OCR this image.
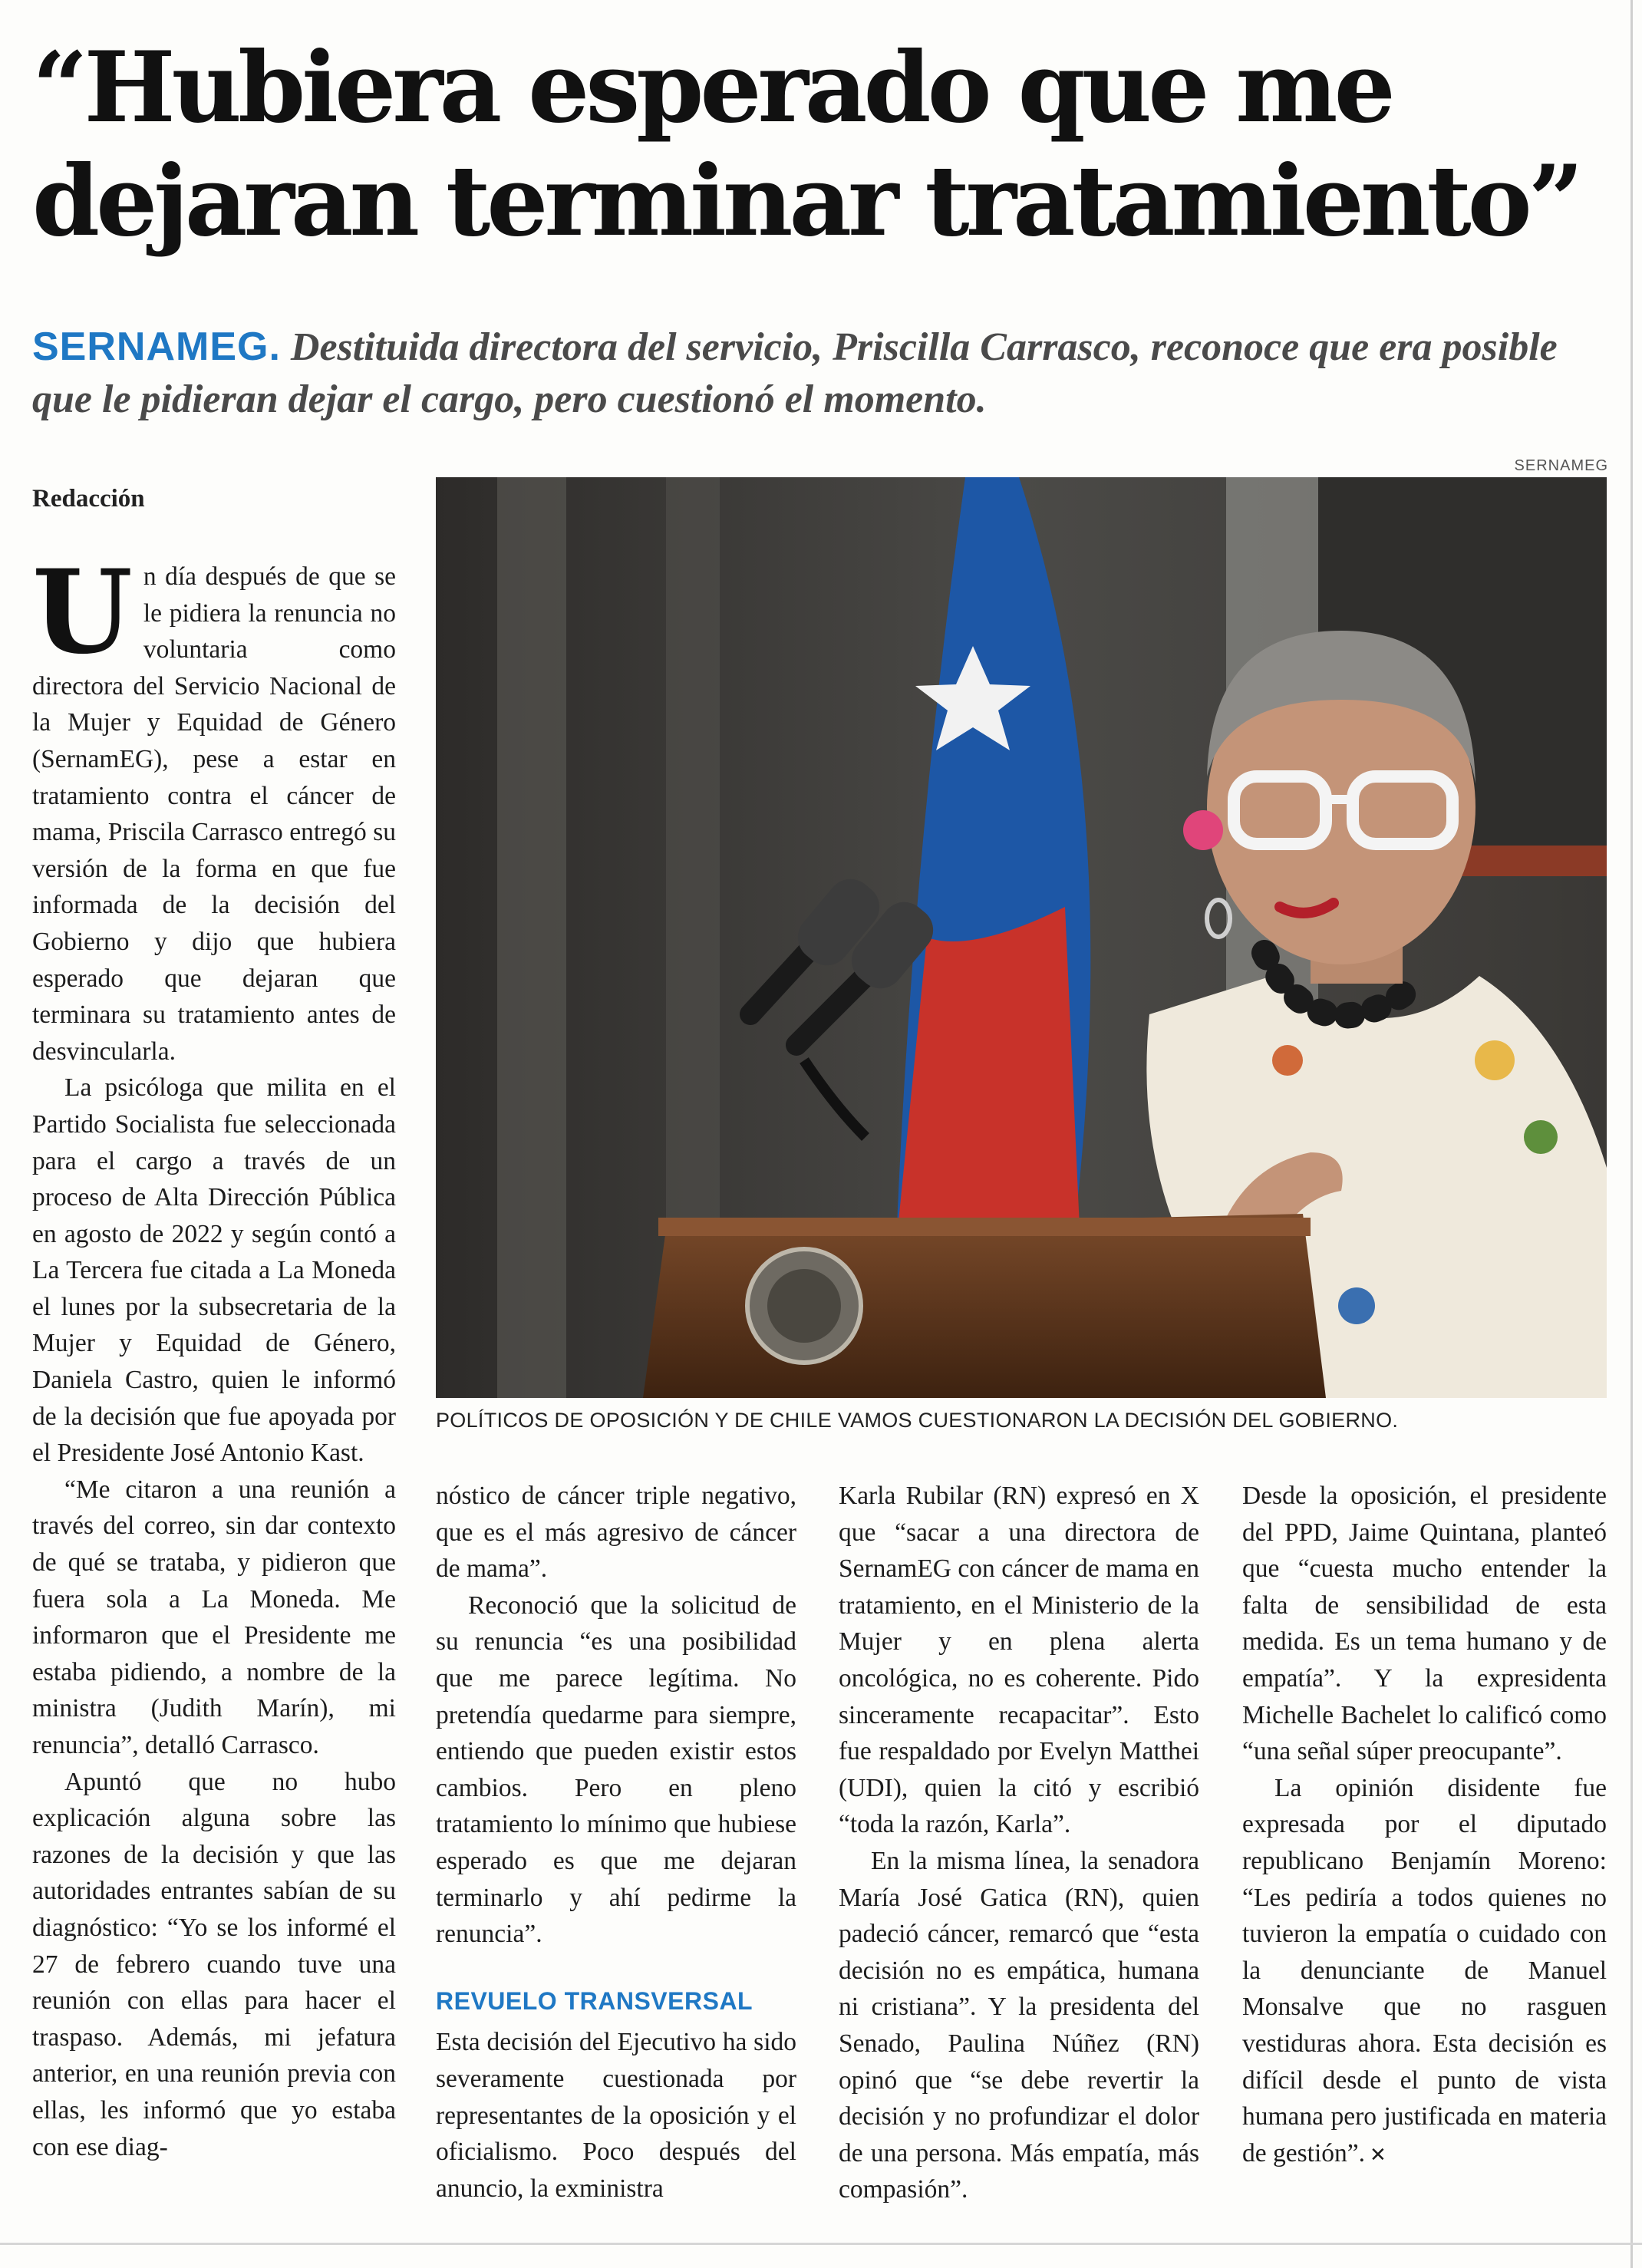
“Hubiera esperado que me
dejaran terminar tratamiento”

SERNAMEG. Destituida directora del servicio, Priscilla Carrasco, reconoce que era posible que le pidieran dejar el cargo, pero cuestionó el momento.

Redacción
SERNAMEG
POLÍTICOS DE OPOSICIÓN Y DE CHILE VAMOS CUESTIONARON LA DECISIÓN DEL GOBIERNO.

Un día después de que se le pidiera la renuncia no voluntaria como directora del Servicio Nacional de la Mujer y Equidad de Género (SernamEG), pese a estar en tratamiento contra el cáncer de mama, Priscila Carrasco entregó su versión de la forma en que fue informada de la decisión del Gobierno y dijo que hubiera esperado que dejaran que terminara su tratamiento antes de desvincularla.

La psicóloga que milita en el Partido Socialista fue seleccionada para el cargo a través de un proceso de Alta Dirección Pública en agosto de 2022 y según contó a La Tercera fue citada a La Moneda el lunes por la subsecretaria de la Mujer y Equidad de Género, Daniela Castro, quien le informó de la decisión que fue apoyada por el Presidente José Antonio Kast.

“Me citaron a una reunión a través del correo, sin dar contexto de qué se trataba, y pidieron que fuera sola a La Moneda. Me informaron que el Presidente me estaba pidiendo, a nombre de la ministra (Judith Marín), mi renuncia”, detalló Carrasco.

Apuntó que no hubo explicación alguna sobre las razones de la decisión y que las autoridades entrantes sabían de su diagnóstico: “Yo se los informé el 27 de febrero cuando tuve una reunión con ellas para hacer el traspaso. Además, mi jefatura anterior, en una reunión previa con ellas, les informó que yo estaba con ese diag-

nóstico de cáncer triple negativo, que es el más agresivo de cáncer de mama”.

Reconoció que la solicitud de su renuncia “es una posibilidad que me parece legítima. No pretendía quedarme para siempre, entiendo que pueden existir estos cambios. Pero en pleno tratamiento lo mínimo que hubiese esperado es que me dejaran terminarlo y ahí pedirme la renuncia”.

REVUELO TRANSVERSAL

Esta decisión del Ejecutivo ha sido severamente cuestionada por representantes de la oposición y el oficialismo. Poco después del anuncio, la exministra

Karla Rubilar (RN) expresó en X que “sacar a una directora de SernamEG con cáncer de mama en tratamiento, en el Ministerio de la Mujer y en plena alerta oncológica, no es coherente. Pido sinceramente recapacitar”. Esto fue respaldado por Evelyn Matthei (UDI), quien la citó y escribió “toda la razón, Karla”.

En la misma línea, la senadora María José Gatica (RN), quien padeció cáncer, remarcó que “esta decisión no es empática, humana ni cristiana”. Y la presidenta del Senado, Paulina Núñez (RN) opinó que “se debe revertir la decisión y no profundizar el dolor de una persona. Más empatía, más compasión”.

Desde la oposición, el presidente del PPD, Jaime Quintana, planteó que “cuesta mucho entender la falta de sensibilidad de esta medida. Es un tema humano y de empatía”. Y la expresidenta Michelle Bachelet lo calificó como “una señal súper preocupante”.

La opinión disidente fue expresada por el diputado republicano Benjamín Moreno: “Les pediría a todos quienes no tuvieron la empatía o cuidado con la denunciante de Manuel Monsalve que no rasguen vestiduras ahora. Esta decisión es difícil desde el punto de vista humana pero justificada en materia de gestión”. ✕
